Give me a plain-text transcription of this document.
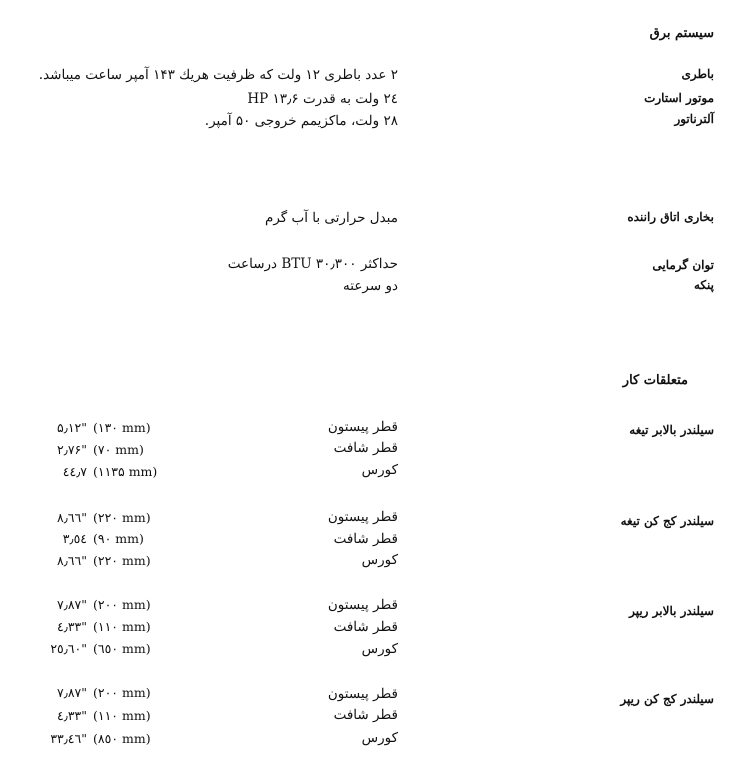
سیستم برق
باطری
موتور استارت
آلترناتور
۲ عدد باطری ۱۲ ولت که ظرفیت هریك ۱۴۳ آمپر ساعت میباشد.
۲٤ ولت به قدرت HP ۱۳٫۶
۲۸ ولت، ماکزیمم خروجی ۵۰ آمپر.
بخاری اتاق راننده
مبدل حرارتی با آب گرم
توان گرمایی
پنکه
حداکثر BTU ۳۰٫۳۰۰ درساعت
دو سرعته
متعلقات کار
سیلندر بالابر تیغه
قطر پیستون
قطر شافت
کورس
۵٫۱۲" (۱۳۰ mm)
۲٫۷۶" (۷۰ mm)
٤٤٫۷ (۱۱۳۵ mm)
سیلندر کج کن تیغه
قطر پیستون
قطر شافت
کورس
۸٫٦٦" (۲۲۰ mm)
۳٫٥٤ (۹۰ mm)
۸٫٦٦" (۲۲۰ mm)
سیلندر بالابر ریپر
قطر پیستون
قطر شافت
کورس
۷٫۸۷" (۲۰۰ mm)
٤٫۳۳" (۱۱۰ mm)
۲٥٫٦۰" (٦٥۰ mm)
سیلندر کج کن ریپر
قطر پیستون
قطر شافت
کورس
۷٫۸۷" (۲۰۰ mm)
٤٫۳۳" (۱۱۰ mm)
۳۳٫٤٦" (۸٥۰ mm)
